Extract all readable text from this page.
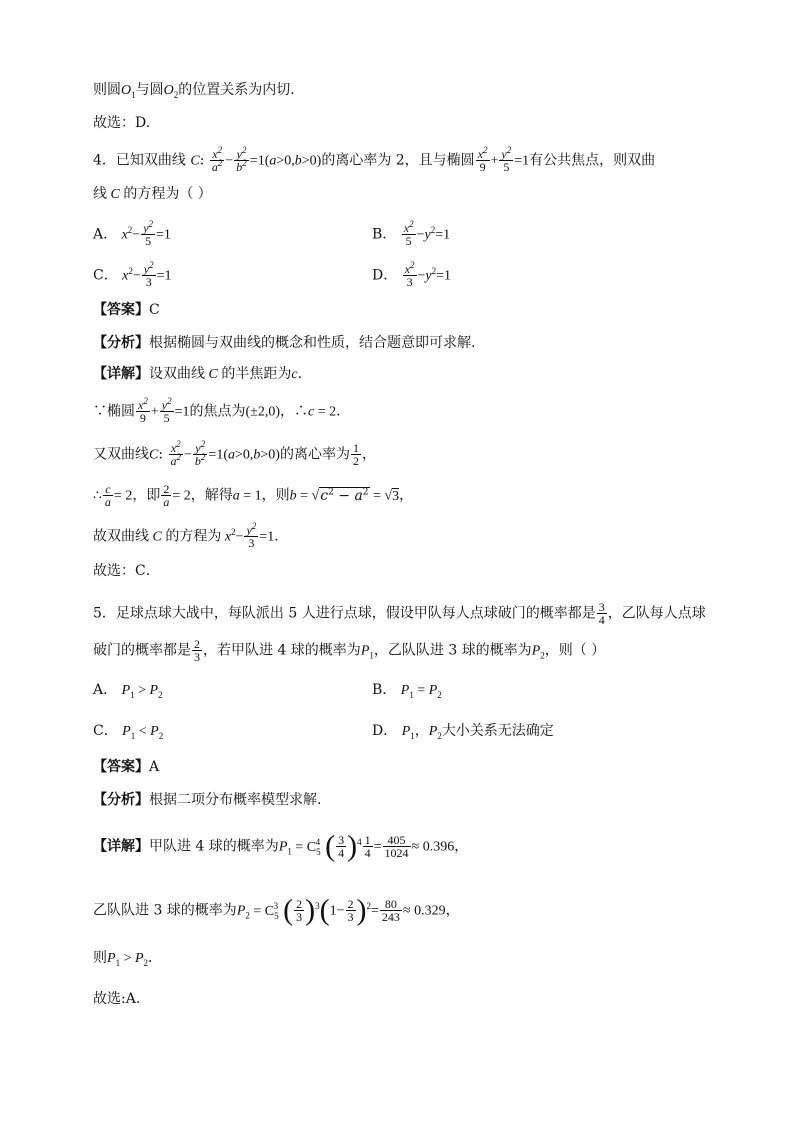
则圆$O_1$与圆$O_2$的位置关系为内切．
故选：D.
4．已知双曲线 C: $\frac{x^2}{a^2} - \frac{y^2}{b^2} =1(a>0,b>0)$的离心率为 2，且与椭圆 $\frac{x^2}{9} + \frac{y^2}{5} =1$有公共焦点，则双曲
线 C 的方程为（ ）
A． $x^2- \frac{y^2}{5} =1$	B． $\frac{x^2}{5} -y^2=1$
C． $x^2- \frac{y^2}{3} =1$	D． $\frac{x^2}{3} -y^2=1$
【答案】C
【分析】根据椭圆与双曲线的概念和性质，结合题意即可求解.
【详解】设双曲线 C 的半焦距为c.
∵椭圆 $\frac{x^2}{9} + \frac{y^2}{5} =1$的焦点为(±2,0)，∴c = 2．
又双曲线C: $\frac{x^2}{a^2} - \frac{y^2}{b^2} =1(a>0,b>0)$的离心率为 $\frac{1}{2}$ ，
∴ $\frac{c}{a} = 2$，即 $\frac{2}{a} = 2$，解得a = 1，则$b = √c^2 - a^2 = √3$，
故双曲线 C 的方程为 $x^2- \frac{y^2}{3} =1$．
故选：C．
5．足球点球大战中，每队派出 5 人进行点球，假设甲队每人点球破门的概率都是 $\frac{3}{4}$ ，乙队每人点球
破门的概率都是 $\frac{2}{3}$ ，若甲队进 4 球的概率为$P_1$，乙队队进 3 球的概率为$P_2$，则（ ）
A． $P_1 > P_2$	B． $P_1 = P_2$
C． $P_1 < P_2$	D． $P_1$，$P_2$大小关系无法确定
【答案】A
【分析】根据二项分布概率模型求解.
【详解】甲队进 4 球的概率为$P_1 = C_5^4$ ( $\frac{3}{4} )^4 \frac{1}{4} = \frac{405}{1024} \approx 0.396$，
乙队队进 3 球的概率为$P_2 = C_5^3$ ( $\frac{2}{3} )^3(1- \frac{2}{3} )^2= \frac{80}{243} \approx 0.329$，
则$P_1 > P_2$．
故选:A．
